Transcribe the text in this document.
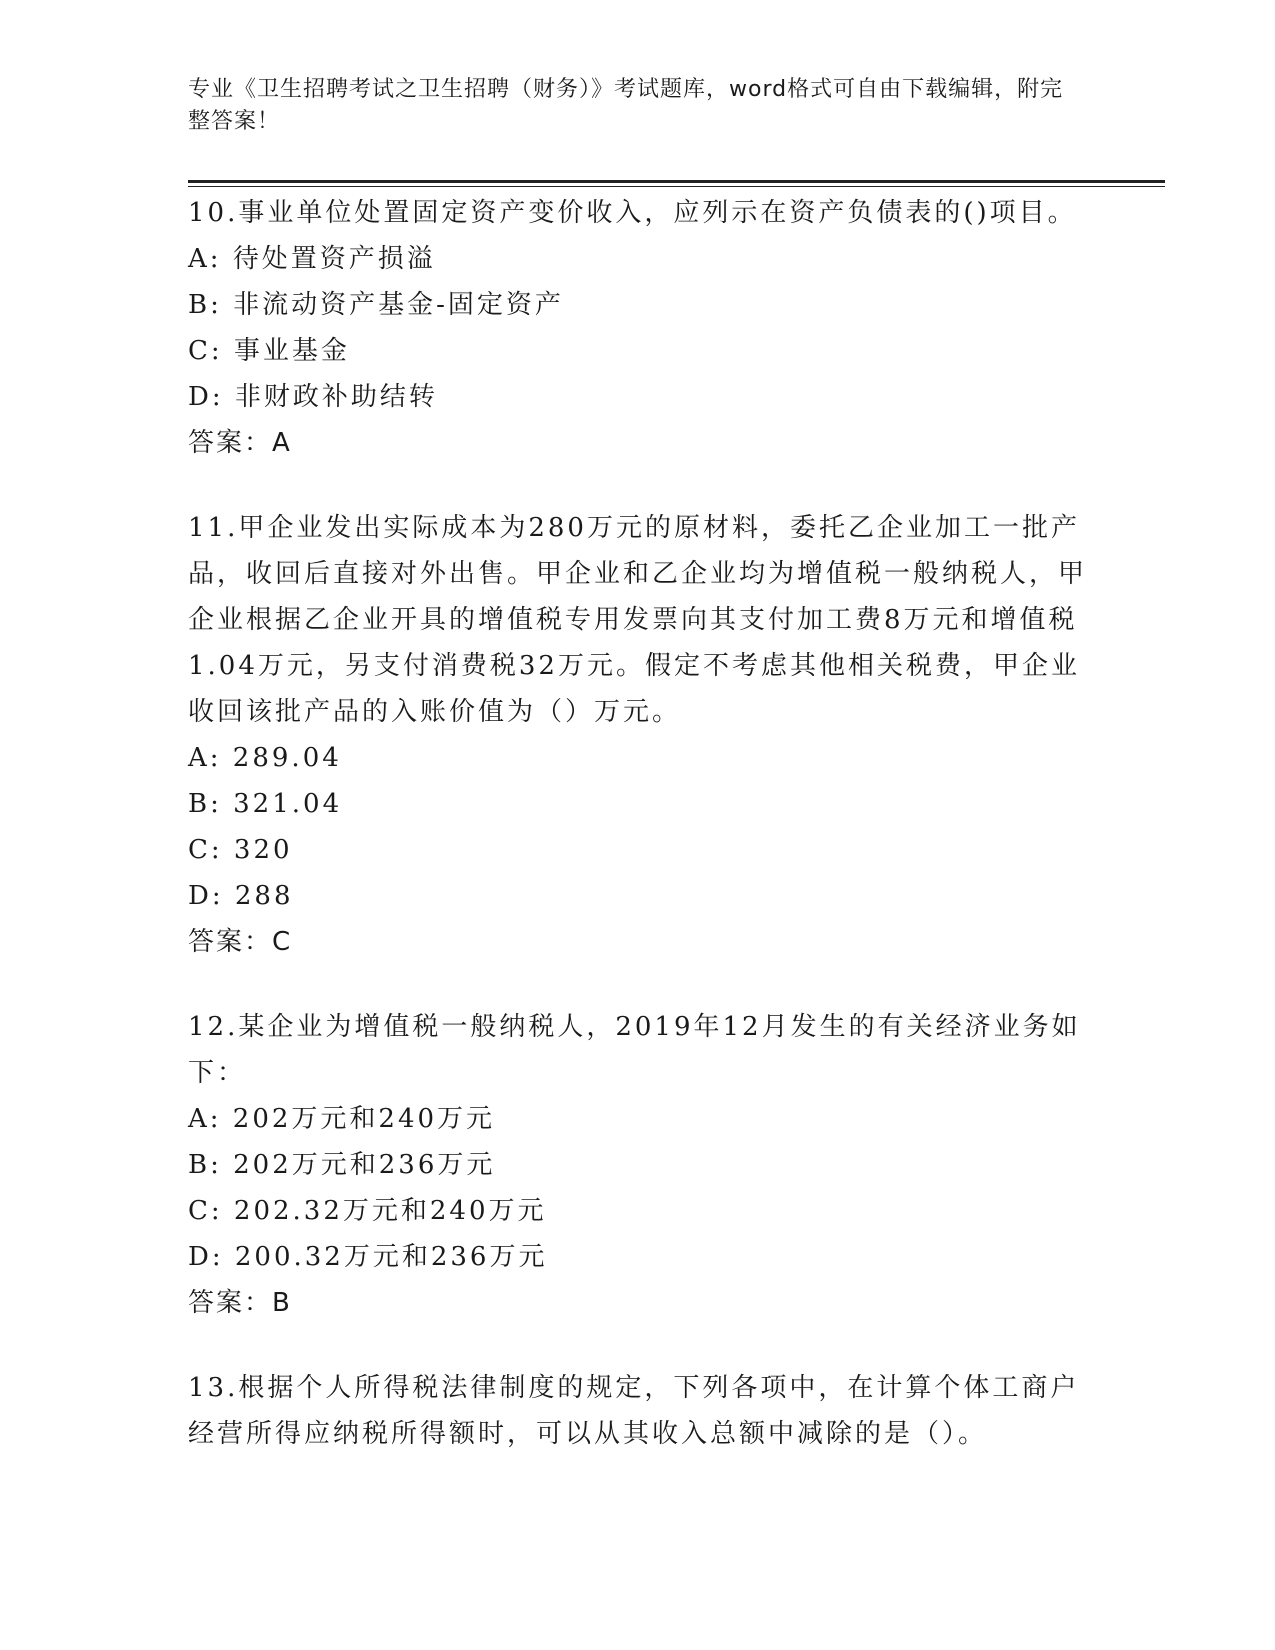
专业《卫生招聘考试之卫生招聘（财务）》考试题库，word格式可自由下载编辑，附完整答案！

10.事业单位处置固定资产变价收入，应列示在资产负债表的()项目。

A: 待处置资产损溢

B: 非流动资产基金-固定资产

C: 事业基金

D: 非财政补助结转

答案：A

11.甲企业发出实际成本为280万元的原材料，委托乙企业加工一批产品，收回后直接对外出售。甲企业和乙企业均为增值税一般纳税人，甲企业根据乙企业开具的增值税专用发票向其支付加工费8万元和增值税1.04万元，另支付消费税32万元。假定不考虑其他相关税费，甲企业收回该批产品的入账价值为（）万元。

A: 289.04

B: 321.04

C: 320

D: 288

答案：C

12.某企业为增值税一般纳税人，2019年12月发生的有关经济业务如下：

A: 202万元和240万元

B: 202万元和236万元

C: 202.32万元和240万元

D: 200.32万元和236万元

答案：B

13.根据个人所得税法律制度的规定，下列各项中，在计算个体工商户经营所得应纳税所得额时，可以从其收入总额中减除的是（）。
